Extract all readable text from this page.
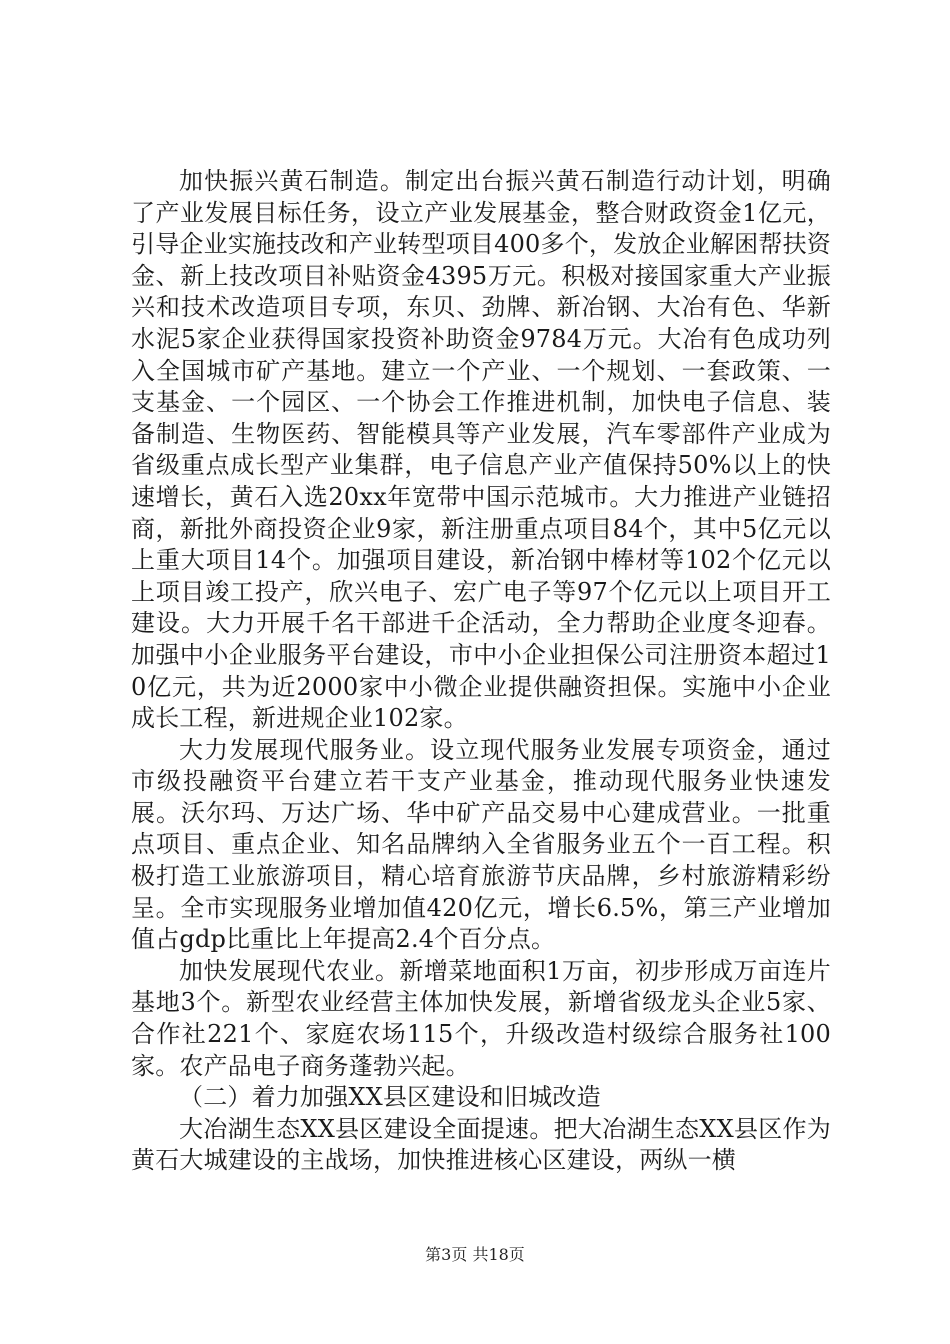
加快振兴黄石制造。制定出台振兴黄石制造行动计划，明确了产业发展目标任务，设立产业发展基金，整合财政资金1亿元，引导企业实施技改和产业转型项目400多个，发放企业解困帮扶资金、新上技改项目补贴资金4395万元。积极对接国家重大产业振兴和技术改造项目专项，东贝、劲牌、新冶钢、大冶有色、华新水泥5家企业获得国家投资补助资金9784万元。大冶有色成功列入全国城市矿产基地。建立一个产业、一个规划、一套政策、一支基金、一个园区、一个协会工作推进机制，加快电子信息、装备制造、生物医药、智能模具等产业发展，汽车零部件产业成为省级重点成长型产业集群，电子信息产业产值保持50%以上的快速增长，黄石入选20xx年宽带中国示范城市。大力推进产业链招商，新批外商投资企业9家，新注册重点项目84个，其中5亿元以上重大项目14个。加强项目建设，新冶钢中棒材等102个亿元以上项目竣工投产，欣兴电子、宏广电子等97个亿元以上项目开工建设。大力开展千名干部进千企活动，全力帮助企业度冬迎春。加强中小企业服务平台建设，市中小企业担保公司注册资本超过10亿元，共为近2000家中小微企业提供融资担保。实施中小企业成长工程，新进规企业102家。

大力发展现代服务业。设立现代服务业发展专项资金，通过市级投融资平台建立若干支产业基金，推动现代服务业快速发展。沃尔玛、万达广场、华中矿产品交易中心建成营业。一批重点项目、重点企业、知名品牌纳入全省服务业五个一百工程。积极打造工业旅游项目，精心培育旅游节庆品牌，乡村旅游精彩纷呈。全市实现服务业增加值420亿元，增长6.5%，第三产业增加值占gdp比重比上年提高2.4个百分点。

加快发展现代农业。新增菜地面积1万亩，初步形成万亩连片基地3个。新型农业经营主体加快发展，新增省级龙头企业5家、合作社221个、家庭农场115个，升级改造村级综合服务社100家。农产品电子商务蓬勃兴起。

（二）着力加强XX县区建设和旧城改造

大冶湖生态XX县区建设全面提速。把大冶湖生态XX县区作为黄石大城建设的主战场，加快推进核心区建设，两纵一横

第3页 共18页
